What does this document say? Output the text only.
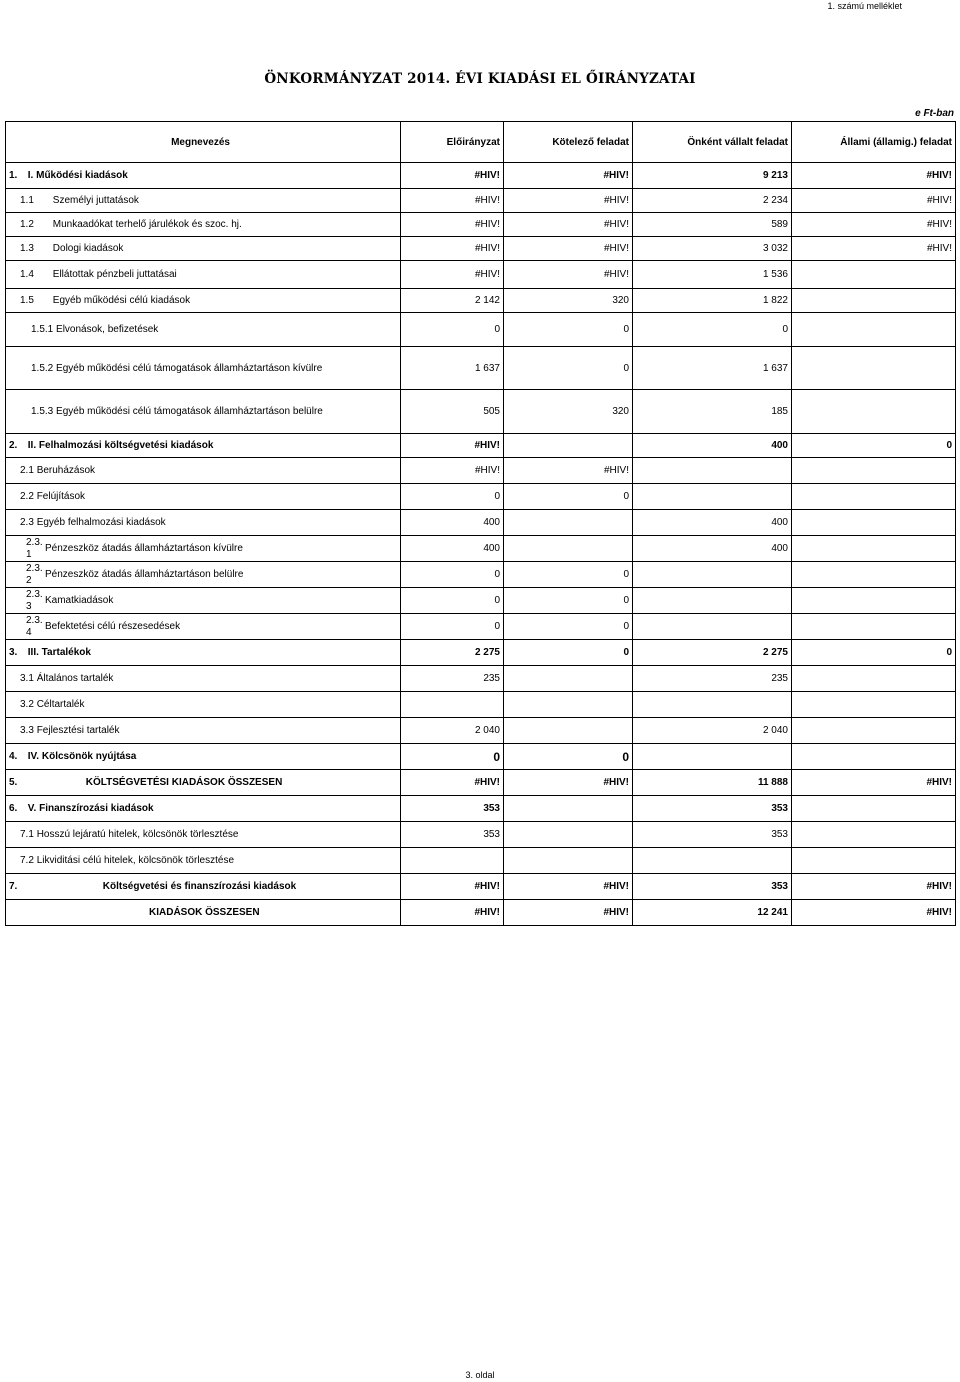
1. számú melléklet
ÖNKORMÁNYZAT 2014. ÉVI KIADÁSI EL ŐIRÁNYZATAI
e Ft-ban
Megnevezés	Előirányzat	Kötelező feladat	Önként vállalt feladat	Állami (államig.) feladat
1. I. Működési kiadások	#HIV!	#HIV!	9 213	#HIV!
1.1 Személyi juttatások	#HIV!	#HIV!	2 234	#HIV!
1.2 Munkaadókat terhelő járulékok és szoc. hj.	#HIV!	#HIV!	589	#HIV!
1.3 Dologi kiadások	#HIV!	#HIV!	3 032	#HIV!
1.4 Ellátottak pénzbeli juttatásai	#HIV!	#HIV!	1 536	
1.5 Egyéb működési célú kiadások	2 142	320	1 822	
1.5.1 Elvonások, befizetések	0	0	0	
1.5.2 Egyéb működési célú támogatások államháztartáson kívülre	1 637	0	1 637	
1.5.3 Egyéb működési célú támogatások államháztartáson belülre	505	320	185	
2. II. Felhalmozási költségvetési kiadások	#HIV!		400	0
2.1 Beruházások	#HIV!	#HIV!		
2.2 Felújítások	0	0		
2.3 Egyéb felhalmozási kiadások	400		400	

2.3.
1 Pénzeszköz átadás államháztartáson kívülre	400		400	

2.3.
2 Pénzeszköz átadás államháztartáson belülre	0	0		

2.3.
3 Kamatkiadások	0	0		

2.3.
4 Befektetési célú részesedések	0	0		
3. III. Tartalékok	2 275	0	2 275	0
3.1 Általános tartalék	235		235	
3.2 Céltartalék				
3.3 Fejlesztési tartalék	2 040		2 040	
4. IV. Kölcsönök nyújtása	0	0		
5. KÖLTSÉGVETÉSI KIADÁSOK ÖSSZESEN	#HIV!	#HIV!	11 888	#HIV!
6. V. Finanszírozási kiadások	353		353	
7.1 Hosszú lejáratú hitelek, kölcsönök törlesztése	353		353	
7.2 Likviditási célú hitelek, kölcsönök törlesztése				
7. Költségvetési és finanszírozási kiadások	#HIV!	#HIV!	353	#HIV!
KIADÁSOK ÖSSZESEN	#HIV!	#HIV!	12 241	#HIV!
3. oldal
